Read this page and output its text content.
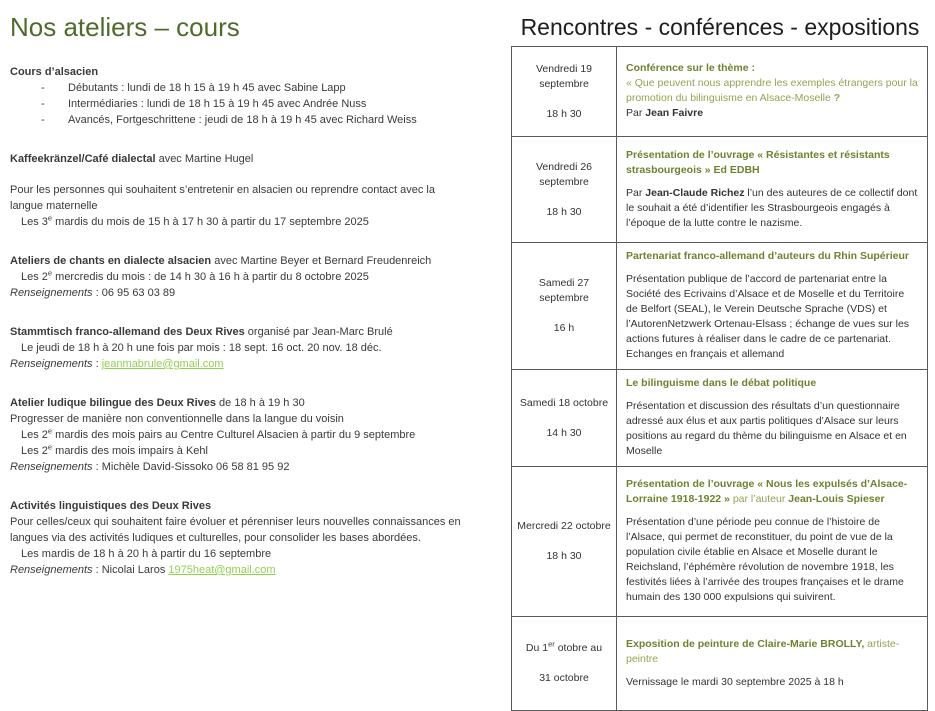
Nos ateliers – cours
Cours d’alsacien
-	Débutants : lundi de 18 h 15 à 19 h 45 avec Sabine Lapp
-	Intermédiaries : lundi de 18 h 15 à 19 h 45 avec Andrée Nuss
-	Avancés, Fortgeschrittene : jeudi de 18 h à 19 h 45 avec Richard Weiss
Kaffeekränzel/Café dialectal avec Martine Hugel
Pour les personnes qui souhaitent s’entretenir en alsacien ou reprendre contact avec la langue maternelle
Les 3e mardis du mois de 15 h à 17 h 30 à partir du 17 septembre 2025
Ateliers de chants en dialecte alsacien avec Martine Beyer et Bernard Freudenreich
Les 2e mercredis du mois : de 14 h 30 à 16 h à partir du 8 octobre 2025
Renseignements : 06 95 63 03 89
Stammtisch franco-allemand des Deux Rives organisé par Jean-Marc Brulé
Le jeudi de 18 h à 20 h une fois par mois : 18 sept. 16 oct. 20 nov. 18 déc.
Renseignements : jeanmabrule@gmail.com
Atelier ludique bilingue des Deux Rives de 18 h à 19 h 30
Progresser de manière non conventionnelle dans la langue du voisin
Les 2e mardis des mois pairs au Centre Culturel Alsacien à partir du 9 septembre
Les 2e mardis des mois impairs à Kehl
Renseignements : Michèle David-Sissoko 06 58 81 95 92
Activités linguistiques des Deux Rives
Pour celles/ceux qui souhaitent faire évoluer et pérenniser leurs nouvelles connaissances en langues via des activités ludiques et culturelles, pour consolider les bases abordées.
Les mardis de 18 h à 20 h à partir du 16 septembre
Renseignements : Nicolai Laros 1975heat@gmail.com
Rencontres - conférences - expositions
Vendredi 19
septembre

18 h 30

Conférence sur le thème :
« Que peuvent nous apprendre les exemples étrangers pour la promotion du bilinguisme en Alsace-Moselle ?
Par Jean Faivre

Vendredi 26
septembre

18 h 30

Présentation de l’ouvrage « Résistantes et résistants strasbourgeois » Ed EDBH
Par Jean-Claude Richez l’un des auteures de ce collectif dont le souhait a été d’identifier les Strasbourgeois engagés à l’époque de la lutte contre le nazisme.

Samedi 27
septembre

16 h

Partenariat franco-allemand d’auteurs du Rhin Supérieur
Présentation publique de l’accord de partenariat entre la Société des Ecrivains d’Alsace et de Moselle et du Territoire de Belfort (SEAL), le Verein Deutsche Sprache (VDS) et l’AutorenNetzwerk Ortenau-Elsass ; échange de vues sur les actions futures à réaliser dans le cadre de ce partenariat. Echanges en français et allemand

Samedi 18 octobre

14 h 30

Le bilinguisme dans le débat politique
Présentation et discussion des résultats d’un questionnaire adressé aux élus et aux partis politiques d’Alsace sur leurs positions au regard du thème du bilinguisme en Alsace et en Moselle

Mercredi 22 octobre

18 h 30

Présentation de l’ouvrage « Nous les expulsés d’Alsace-Lorraine 1918-1922 » par l’auteur Jean-Louis Spieser
Présentation d’une période peu connue de l’histoire de l’Alsace, qui permet de reconstituer, du point de vue de la population civile établie en Alsace et Moselle durant le Reichsland, l’éphémère révolution de novembre 1918, les festivités liées à l’arrivée des troupes françaises et le drame humain des 130 000 expulsions qui suivirent.

Du 1er otobre au

31 octobre

Exposition de peinture de Claire-Marie BROLLY, artiste-peintre
Vernissage le mardi 30 septembre 2025 à 18 h
